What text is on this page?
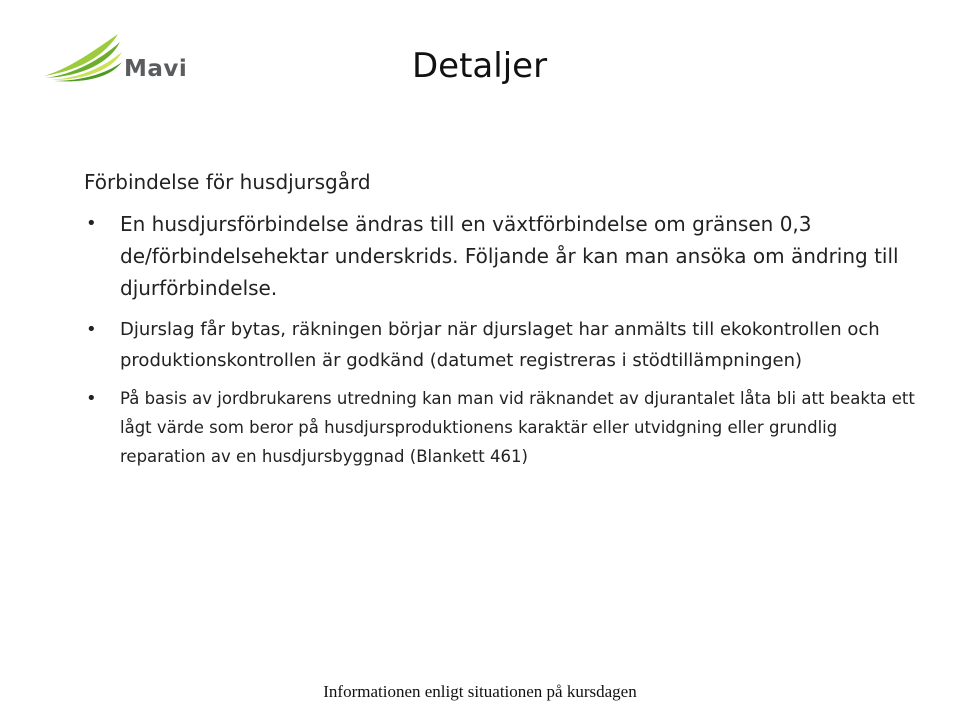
Mavi	Detaljer
Förbindelse för husdjursgård
• En husdjursförbindelse ändras till en växtförbindelse om gränsen 0,3 de/förbindelsehektar underskrids. Följande år kan man ansöka om ändring till djurförbindelse.
• Djurslag får bytas, räkningen börjar när djurslaget har anmälts till ekokontrollen och produktionskontrollen är godkänd (datumet registreras i stödtillämpningen)
• På basis av jordbrukarens utredning kan man vid räknandet av djurantalet låta bli att beakta ett lågt värde som beror på husdjursproduktionens karaktär eller utvidgning eller grundlig reparation av en husdjursbyggnad (Blankett 461)
Informationen enligt situationen på kursdagen
